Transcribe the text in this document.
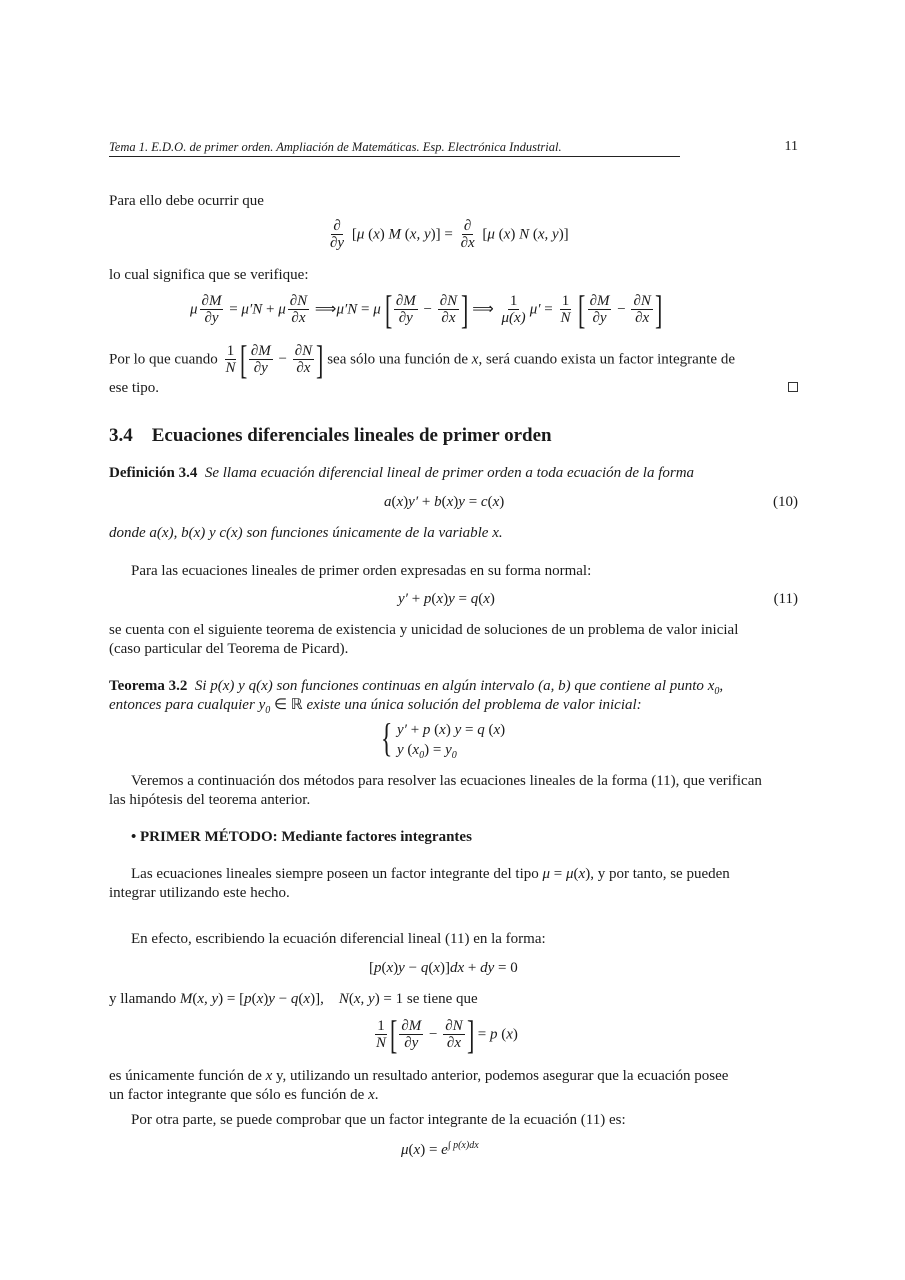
Tema 1. E.D.O. de primer orden. Ampliación de Matemáticas. Esp. Electrónica Industrial.	11
Para ello debe ocurrir que
$\frac{\partial}{\partial y} [\mu$ (x) M (x, $y)] = \frac{\partial}{\partial x} [\mu$ (x) N (x, y)]
lo cual significa que se verifique:
μ $\frac{\partial M}{\partial y} = \mu'N + \mu \frac{\partial N}{\partial x}$ ⟹μ′N = μ [ $\frac{\partial M}{\partial y} - \frac{\partial N}{\partial x}$ ] ⟹ $\frac{1}{\mu(x)} \mu' = \frac{1}{N}$ [ $\frac{\partial M}{\partial y} - \frac{\partial N}{\partial x}$ ]
Por lo que cuando $\frac{1}{N}$ [ $\frac{\partial M}{\partial y} - \frac{\partial N}{\partial x}$ ] sea sólo una función de x, será cuando exista un factor integrante de
ese tipo.
3.4 Ecuaciones diferenciales lineales de primer orden
Definición 3.4 Se llama ecuación diferencial lineal de primer orden a toda ecuación de la forma
a(x)y′ + b(x)y = c(x)	(10)
donde a(x), b(x) y c(x) son funciones únicamente de la variable x.
Para las ecuaciones lineales de primer orden expresadas en su forma normal:
y′ + p(x)y = q(x)	(11)
se cuenta con el siguiente teorema de existencia y unicidad de soluciones de un problema de valor inicial
(caso particular del Teorema de Picard).
Teorema 3.2 Si p(x) y q(x) son funciones continuas en algún intervalo (a, b) que contiene al punto $x_0$,
entonces para cualquier $y_0$ ∈ ℝ existe una única solución del problema de valor inicial:
{ y′ + p (x) y = q (x)
y $(x_0) = y_0$
Veremos a continuación dos métodos para resolver las ecuaciones lineales de la forma (11), que verifican
las hipótesis del teorema anterior.
• PRIMER MÉTODO: Mediante factores integrantes
Las ecuaciones lineales siempre poseen un factor integrante del tipo μ = μ(x), y por tanto, se pueden
integrar utilizando este hecho.
En efecto, escribiendo la ecuación diferencial lineal (11) en la forma:
[p(x)y − q(x)]dx + dy = 0
y llamando M(x, y) = [p(x)y − q(x)],    N(x, y) = 1 se tiene que
$\frac{1}{N}$ [ $\frac{\partial M}{\partial y} - \frac{\partial N}{\partial x}$ ] = p (x)
es únicamente función de x y, utilizando un resultado anterior, podemos asegurar que la ecuación posee
un factor integrante que sólo es función de x.
Por otra parte, se puede comprobar que un factor integrante de la ecuación (11) es:
$\mu(x) = e^{\int p(x)dx}$
